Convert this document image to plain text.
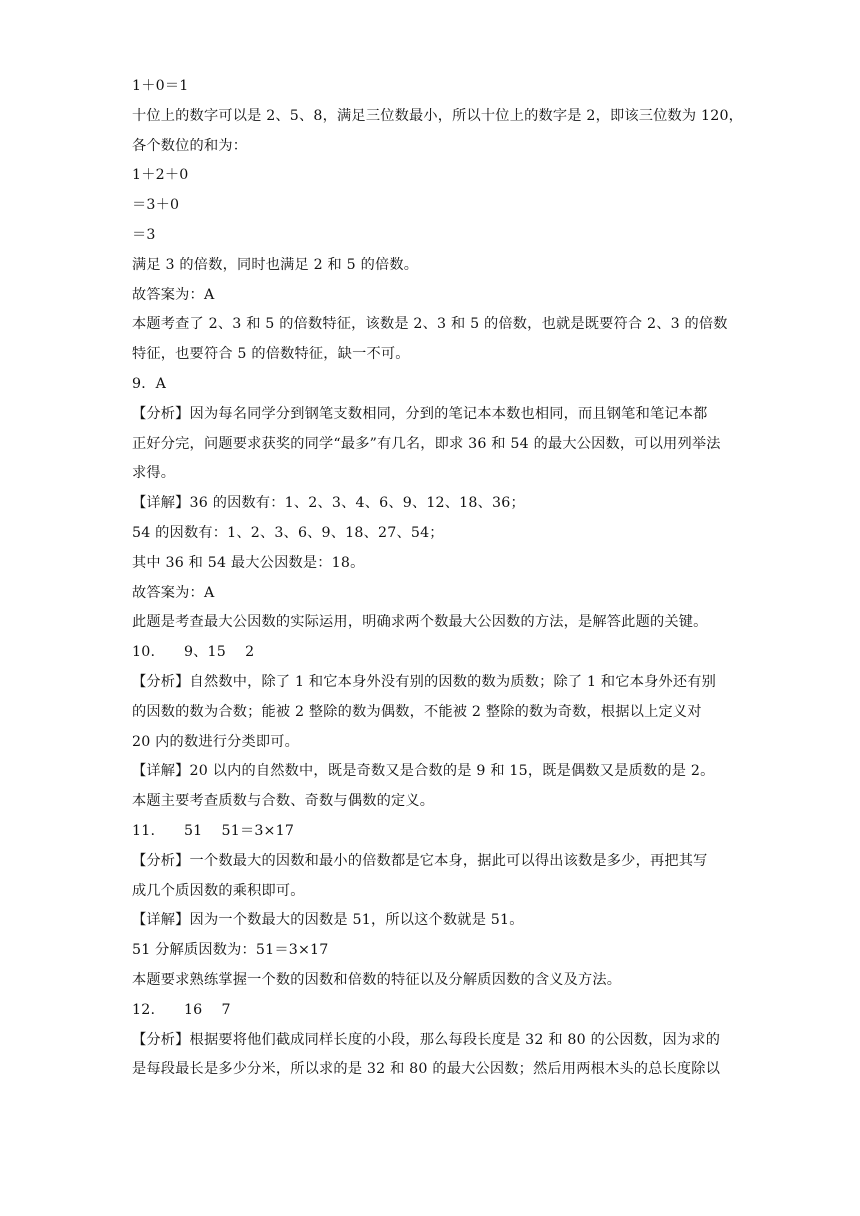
1＋0＝1
十位上的数字可以是 2、5、8，满足三位数最小，所以十位上的数字是 2，即该三位数为 120，
各个数位的和为：
1＋2＋0
＝3＋0
＝3
满足 3 的倍数，同时也满足 2 和 5 的倍数。
故答案为：A
本题考查了 2、3 和 5 的倍数特征，该数是 2、3 和 5 的倍数，也就是既要符合 2、3 的倍数
特征，也要符合 5 的倍数特征，缺一不可。
9．A
【分析】因为每名同学分到钢笔支数相同，分到的笔记本本数也相同，而且钢笔和笔记本都
正好分完，问题要求获奖的同学“最多”有几名，即求 36 和 54 的最大公因数，可以用列举法
求得。
【详解】36 的因数有：1、2、3、4、6、9、12、18、36；
54 的因数有：1、2、3、6、9、18、27、54；
其中 36 和 54 最大公因数是：18。
故答案为：A
此题是考查最大公因数的实际运用，明确求两个数最大公因数的方法，是解答此题的关键。
10.　　9、15　 2
【分析】自然数中，除了 1 和它本身外没有别的因数的数为质数；除了 1 和它本身外还有别
的因数的数为合数；能被 2 整除的数为偶数，不能被 2 整除的数为奇数，根据以上定义对
20 内的数进行分类即可。
【详解】20 以内的自然数中，既是奇数又是合数的是 9 和 15，既是偶数又是质数的是 2。
本题主要考查质数与合数、奇数与偶数的定义。
11.　　51　 51＝3×17
【分析】一个数最大的因数和最小的倍数都是它本身，据此可以得出该数是多少，再把其写
成几个质因数的乘积即可。
【详解】因为一个数最大的因数是 51，所以这个数就是 51。
51 分解质因数为：51＝3×17
本题要求熟练掌握一个数的因数和倍数的特征以及分解质因数的含义及方法。
12.　　16　 7
【分析】根据要将他们截成同样长度的小段，那么每段长度是 32 和 80 的公因数，因为求的
是每段最长是多少分米，所以求的是 32 和 80 的最大公因数；然后用两根木头的总长度除以
